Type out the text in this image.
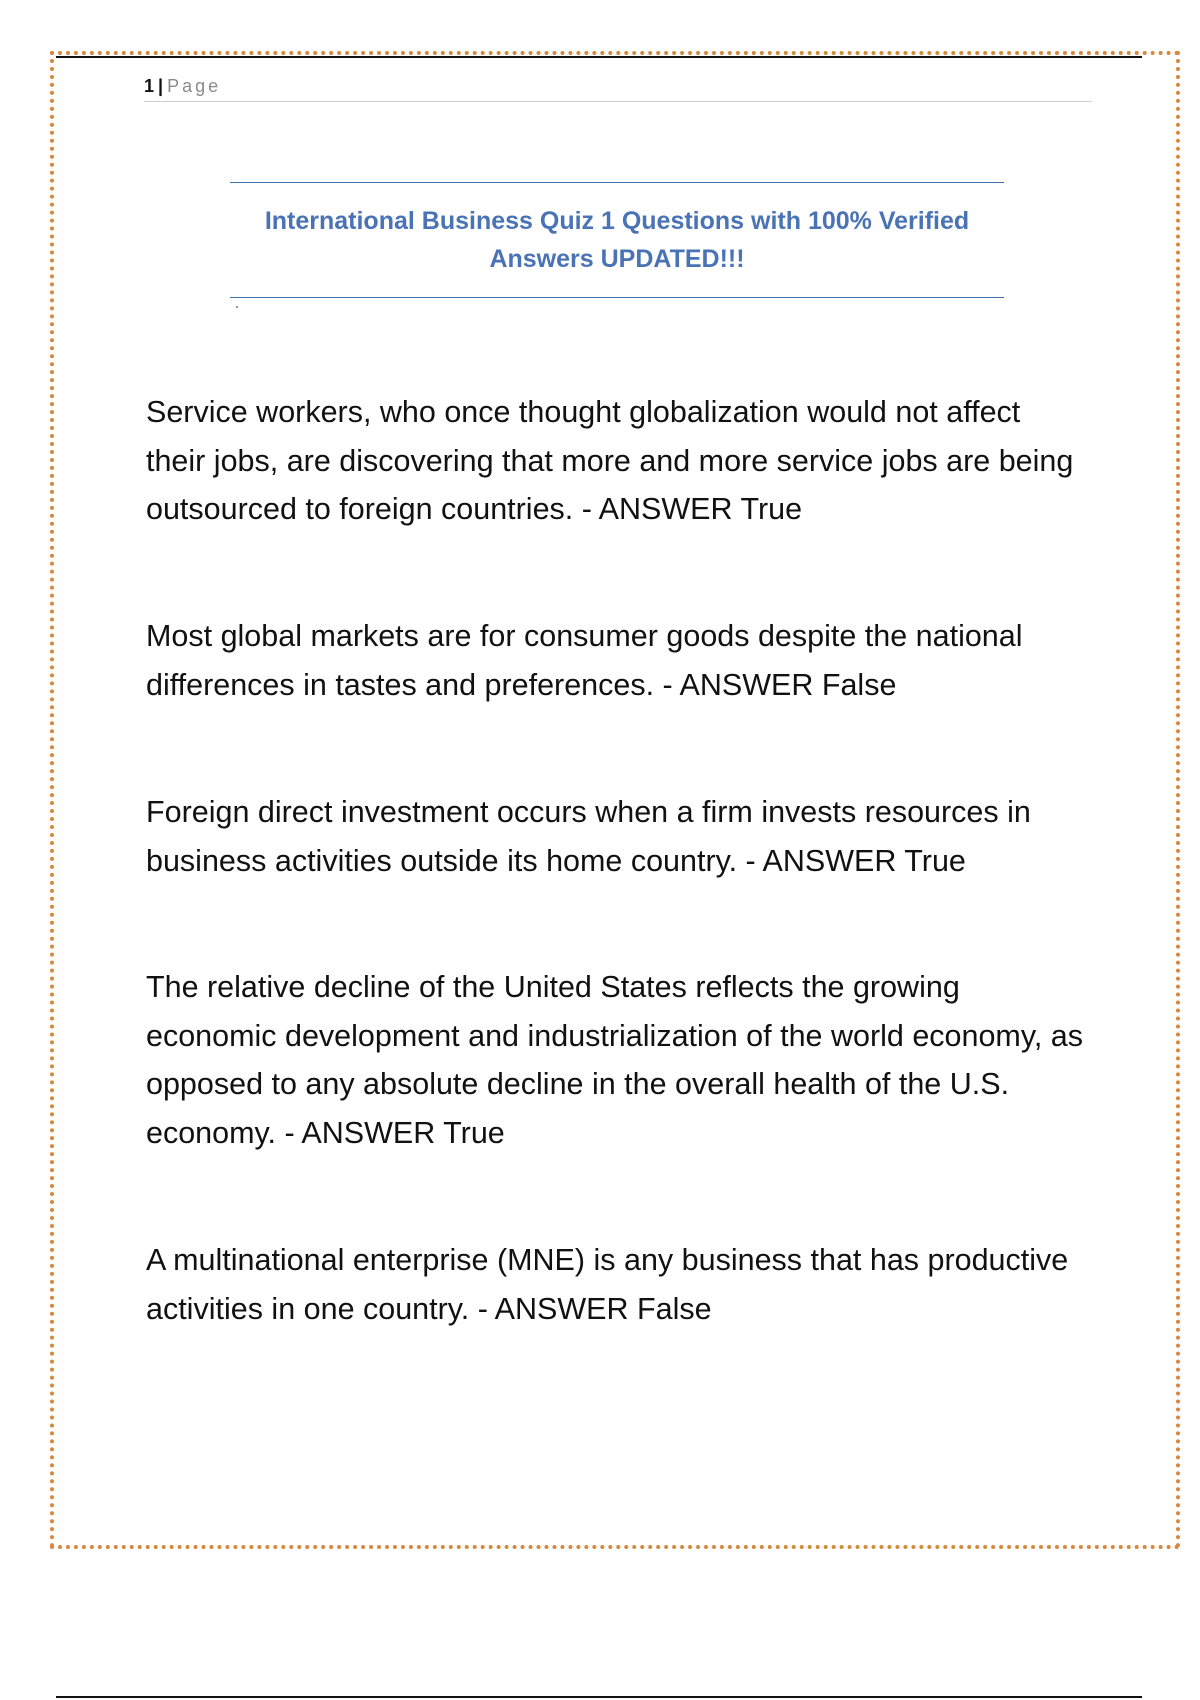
1 | Page
International Business Quiz 1 Questions with 100% Verified Answers UPDATED!!!

Service workers, who once thought globalization would not affect their jobs, are discovering that more and more service jobs are being outsourced to foreign countries. - ANSWER True

Most global markets are for consumer goods despite the national differences in tastes and preferences. - ANSWER False

Foreign direct investment occurs when a firm invests resources in business activities outside its home country. - ANSWER True

The relative decline of the United States reflects the growing economic development and industrialization of the world economy, as opposed to any absolute decline in the overall health of the U.S. economy. - ANSWER True

A multinational enterprise (MNE) is any business that has productive activities in one country. - ANSWER False
